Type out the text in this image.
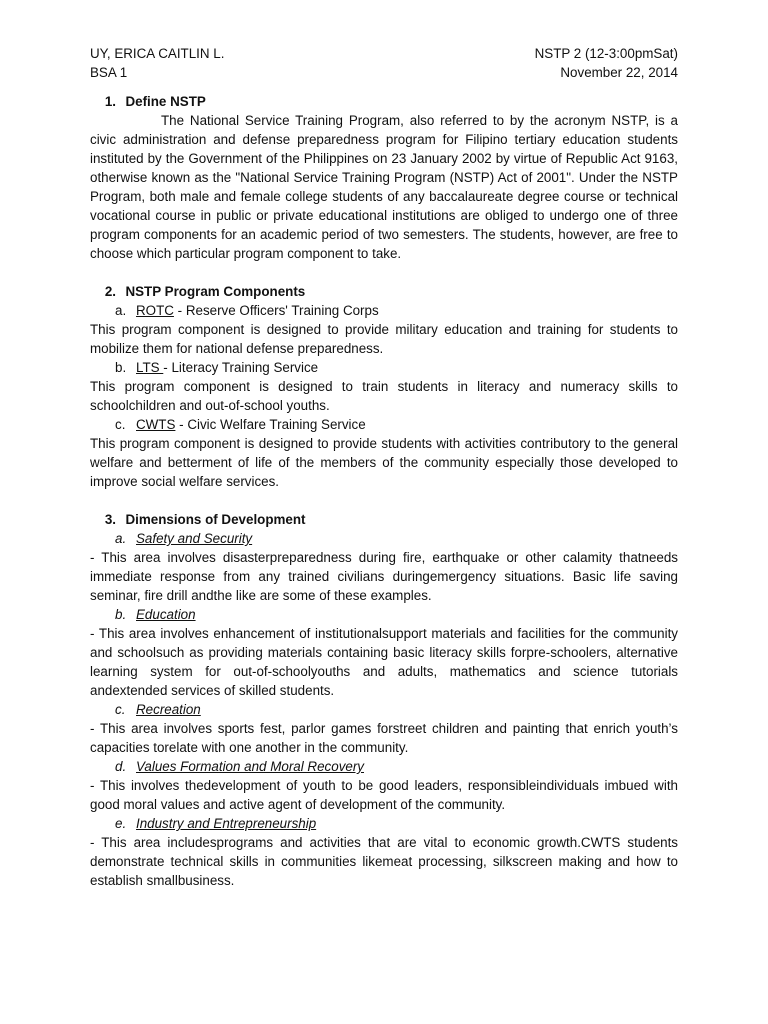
UY, ERICA CAITLIN L.	NSTP 2 (12-3:00pmSat)
BSA 1	November 22, 2014
1.
Define NSTP
The National Service Training Program, also referred to by the acronym NSTP, is a civic administration and defense preparedness program for Filipino tertiary education students instituted by the Government of the Philippines on 23 January 2002 by virtue of Republic Act 9163, otherwise known as the "National Service Training Program (NSTP) Act of 2001". Under the NSTP Program, both male and female college students of any baccalaureate degree course or technical vocational course in public or private educational institutions are obliged to undergo one of three program components for an academic period of two semesters. The students, however, are free to choose which particular program component to take.
2.
NSTP Program Components
a. ROTC - Reserve Officers' Training Corps
This program component is designed to provide military education and training for students to mobilize them for national defense preparedness.
b. LTS - Literacy Training Service
This program component is designed to train students in literacy and numeracy skills to schoolchildren and out-of-school youths.
c. CWTS - Civic Welfare Training Service
This program component is designed to provide students with activities contributory to the general welfare and betterment of life of the members of the community especially those developed to improve social welfare services.
3.
Dimensions of Development
a. Safety and Security
- This area involves disasterpreparedness during fire, earthquake or other calamity thatneeds immediate response from any trained civilians duringemergency situations. Basic life saving seminar, fire drill andthe like are some of these examples.
b. Education
- This area involves enhancement of institutionalsupport materials and facilities for the community and schoolsuch as providing materials containing basic literacy skills forpre-schoolers, alternative learning system for out-of-schoolyouths and adults, mathematics and science tutorials andextended services of skilled students.
c. Recreation
- This area involves sports fest, parlor games forstreet children and painting that enrich youth’s capacities torelate with one another in the community.
d. Values Formation and Moral Recovery
- This involves thedevelopment of youth to be good leaders, responsibleindividuals imbued with good moral values and active agent of development of the community.
e. Industry and Entrepreneurship
- This area includesprograms and activities that are vital to economic growth.CWTS students demonstrate technical skills in communities likemeat processing, silkscreen making and how to establish smallbusiness.
